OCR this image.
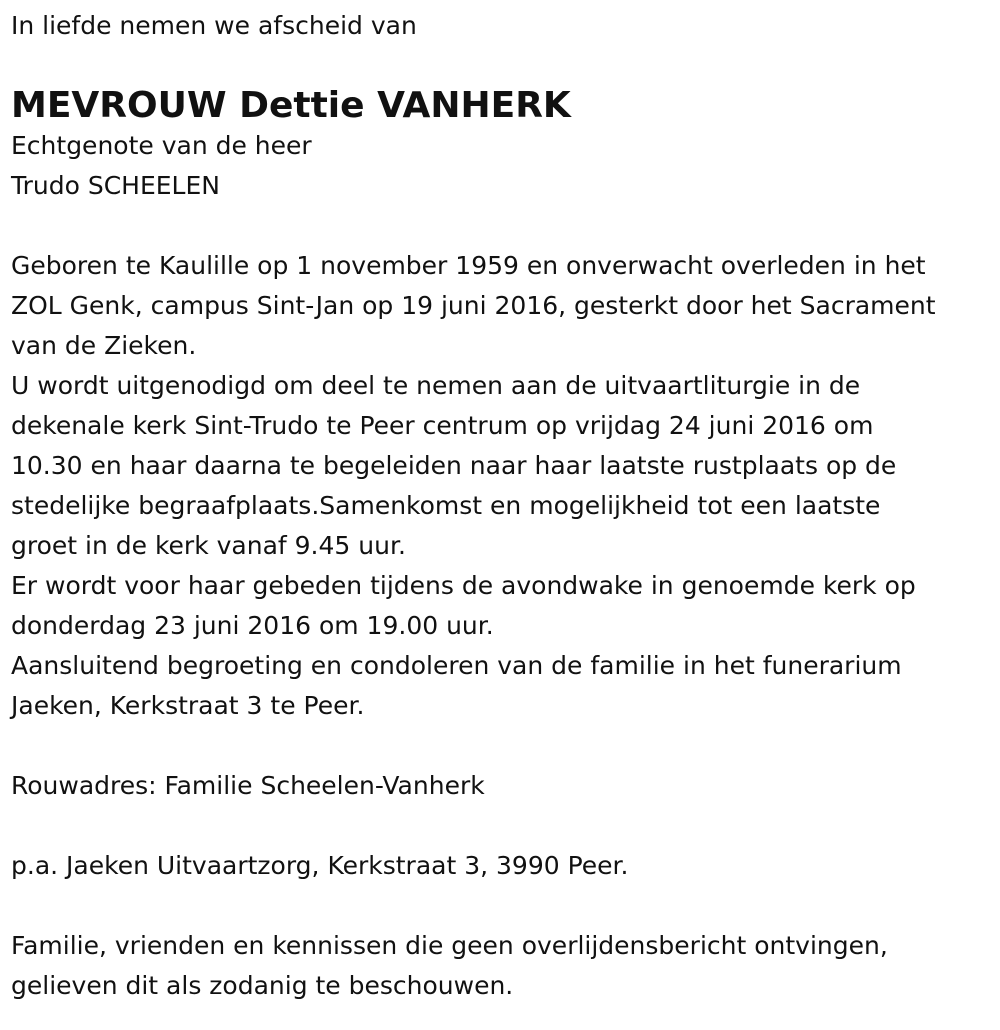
In liefde nemen we afscheid van

MEVROUW Dettie VANHERK

Echtgenote van de heer

Trudo SCHEELEN

Geboren te Kaulille op 1 november 1959 en onverwacht overleden in het

ZOL Genk, campus Sint-Jan op 19 juni 2016, gesterkt door het Sacrament

van de Zieken.

U wordt uitgenodigd om deel te nemen aan de uitvaartliturgie in de

dekenale kerk Sint-Trudo te Peer centrum op vrijdag 24 juni 2016 om

10.30 en haar daarna te begeleiden naar haar laatste rustplaats op de

stedelijke begraafplaats.Samenkomst en mogelijkheid tot een laatste

groet in de kerk vanaf 9.45 uur.

Er wordt voor haar gebeden tijdens de avondwake in genoemde kerk op

donderdag 23 juni 2016 om 19.00 uur.

Aansluitend begroeting en condoleren van de familie in het funerarium

Jaeken, Kerkstraat 3 te Peer.

Rouwadres: Familie Scheelen-Vanherk

p.a. Jaeken Uitvaartzorg, Kerkstraat 3, 3990 Peer.

Familie, vrienden en kennissen die geen overlijdensbericht ontvingen,

gelieven dit als zodanig te beschouwen.
